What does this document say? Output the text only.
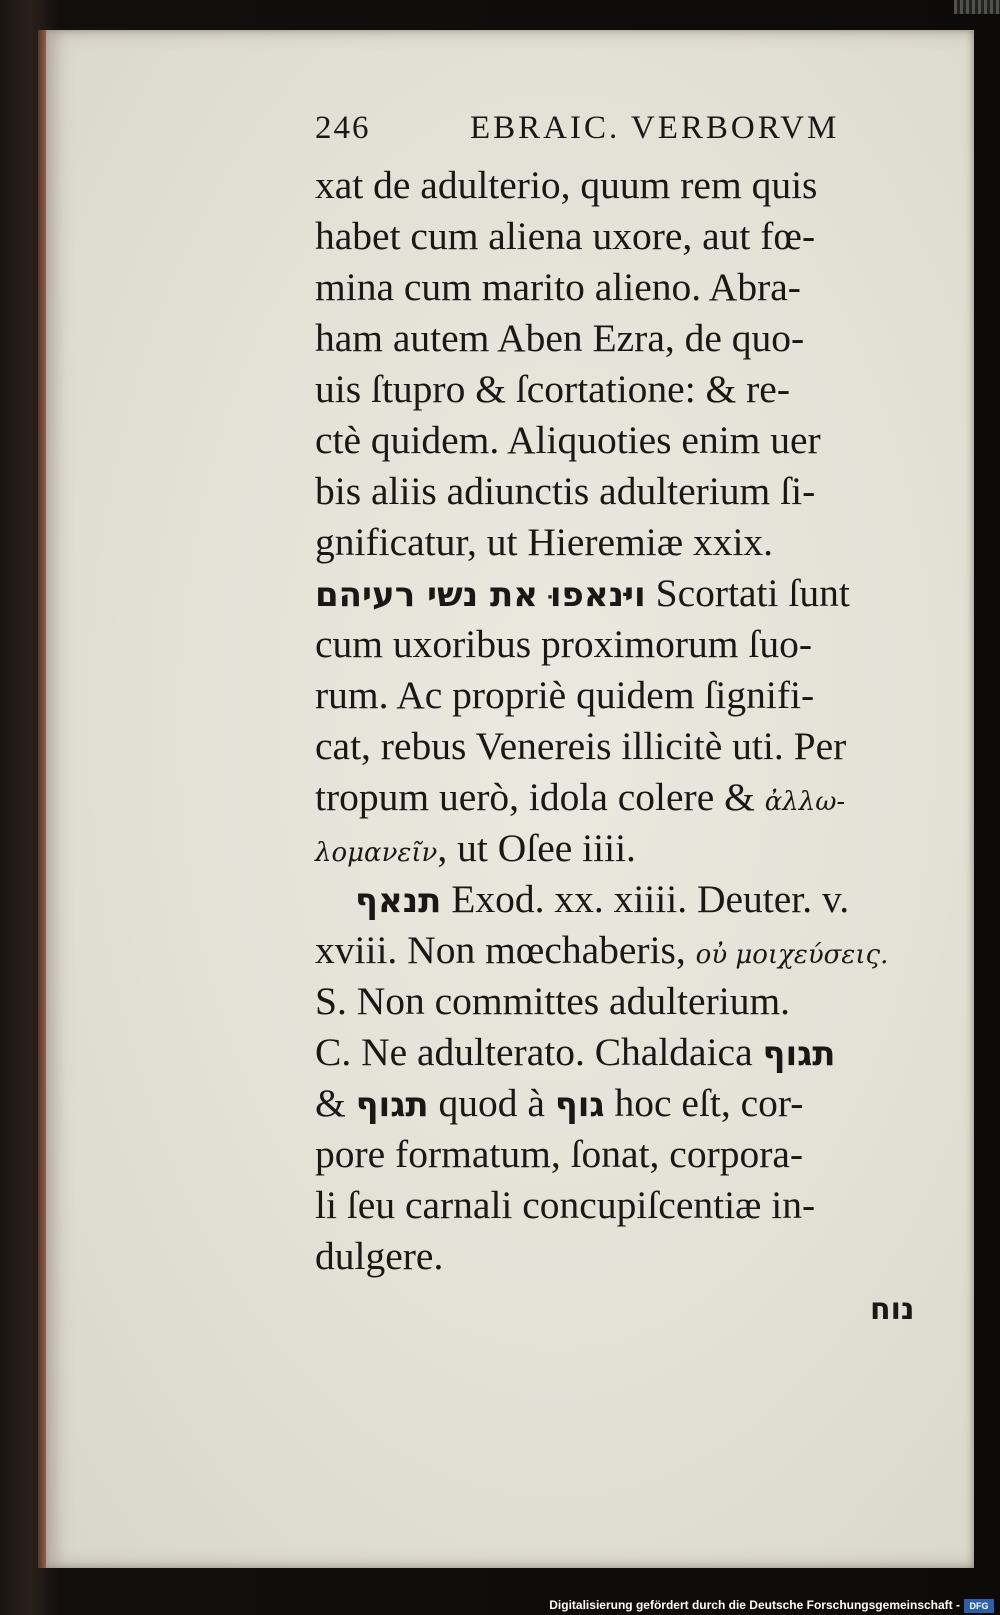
246	EBRAIC. VERBORVM
xat de adulterio, quum rem quis
habet cum aliena uxore, aut fœ-
mina cum marito alieno. Abra-
ham autem Aben Ezra, de quo-
uis ſtupro & ſcortatione: & re-
ctè quidem. Aliquoties enim uer
bis aliis adiunctis adulterium ſi-
gnificatur, ut Hieremiæ xxix.
ויּנאפוּ את נשי רעיהם Scortati ſunt
cum uxoribus proximorum ſuo-
rum. Ac propriè quidem ſignifi-
cat, rebus Venereis illicitè uti. Per
tropum uerò, idola colere & ἀλλω-
λομανεῖν, ut Oſee iiii.
תנאף Exod. xx. xiiii. Deuter. v.
xviii. Non mœchaberis, οὐ μοιχεύσεις.
S. Non committes adulterium.
C. Ne adulterato. Chaldaica תגוף
& תגוף quod à גוף hoc eſt, cor-
pore formatum, ſonat, corpora-
li ſeu carnali concupiſcentiæ in-
dulgere.
נוח
Digitalisierung gefördert durch die Deutsche Forschungsgemeinschaft -	DFG
